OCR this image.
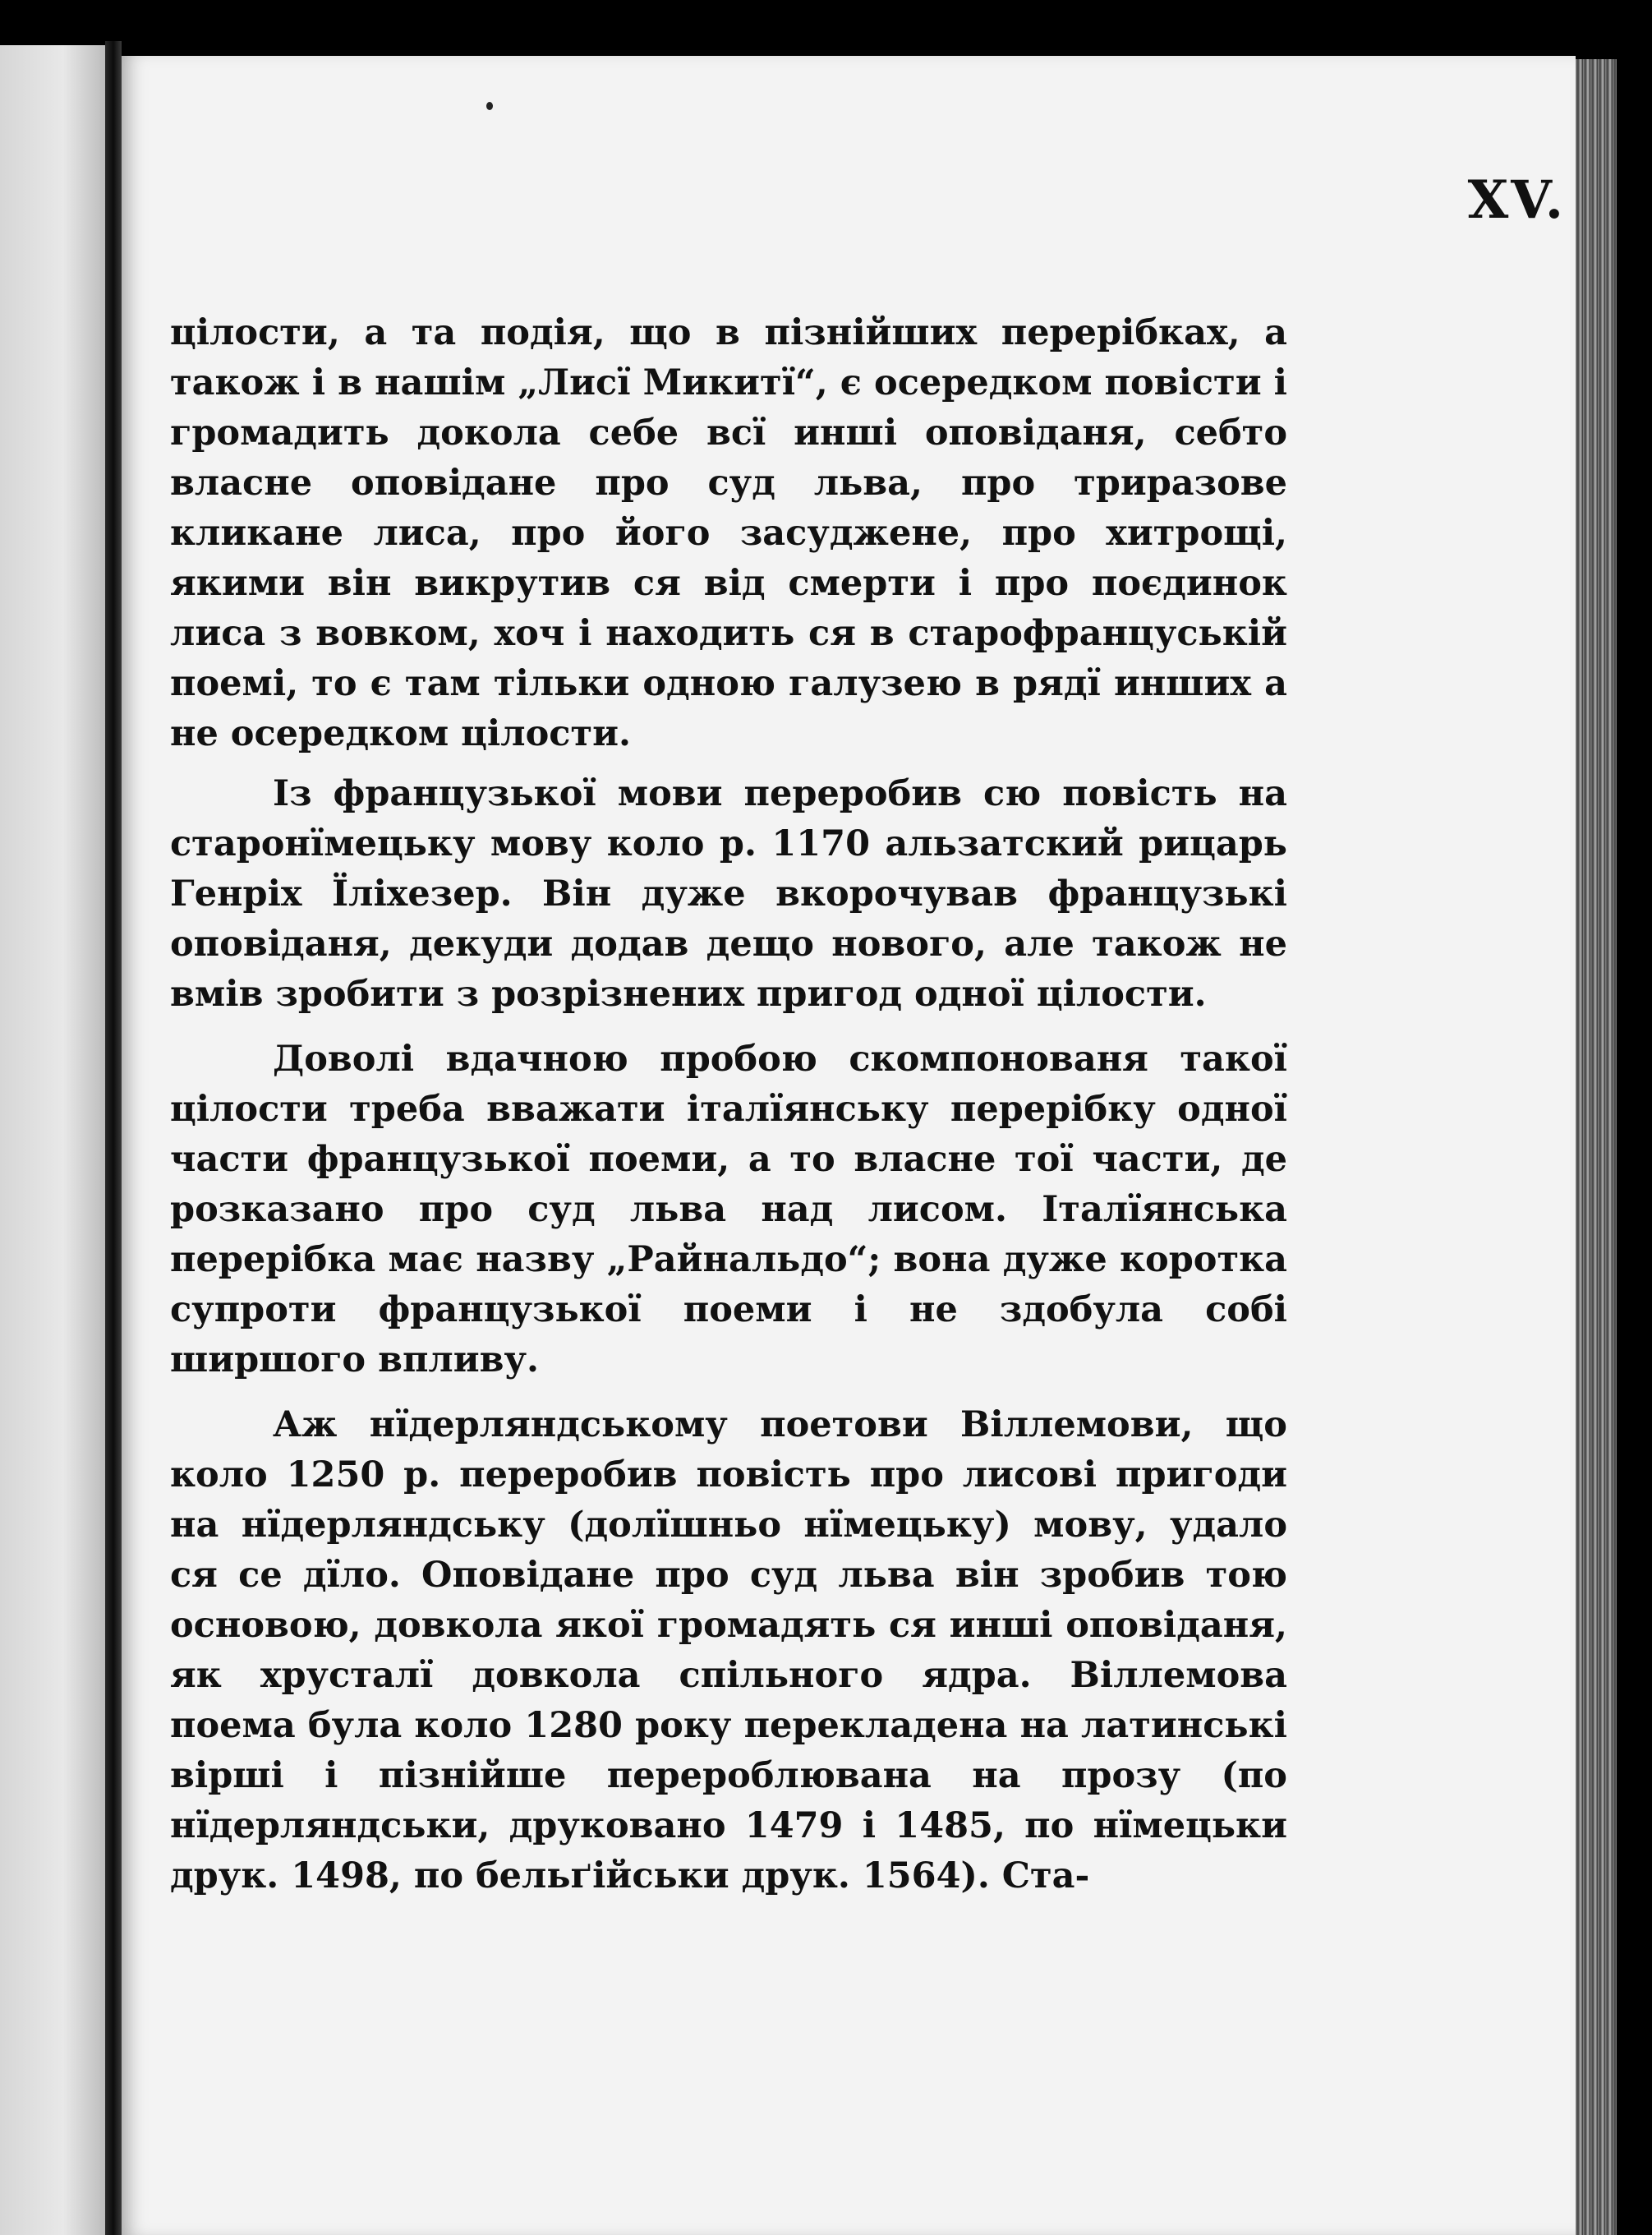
XV.

цілости, а та подія, що в пізнійших перерібках, а також і в нашім „Лисї Микитї“, є осередком повісти і громадить докола себе всї инші оповіданя, себто власне оповідане про суд льва, про триразове кликане лиса, про його засуджене, про хитрощі, якими він викрутив ся від смерти і про поєдинок лиса з вовком, хоч і находить ся в старофранцуській поемі, то є там тільки одною галузею в рядї инших а не осередком цілости.

Із французької мови переробив сю повість на старонїмецьку мову коло р. 1170 альзатский рицарь Генріх Їліхезер. Він дуже вкорочував французькі оповіданя, декуди додав дещо нового, але також не вмів зробити з розрізнених пригод одної цілости.

Доволі вдачною пробою скомпонованя такої цілости треба вважати італїянську перерібку одної части французької поеми, а то власне тої части, де розказано про суд льва над лисом. Італїянська перерібка має назву „Райнальдо“; вона дуже коротка супроти французької поеми і не здобула собі ширшого впливу.

Аж нїдерляндському поетови Віллемови, що коло 1250 р. переробив повість про лисові пригоди на нїдерляндську (долїшньо нїмецьку) мову, удало ся се дїло. Оповідане про суд льва він зробив тою основою, довкола якої громадять ся инші оповіданя, як хрусталї довкола спільного ядра. Віллемова поема була коло 1280 року перекладена на латинські вірші і пізнійше перероблювана на прозу (по нїдерляндськи, друковано 1479 і 1485, по нїмецьки друк. 1498, по бельґійськи друк. 1564). Ста-
